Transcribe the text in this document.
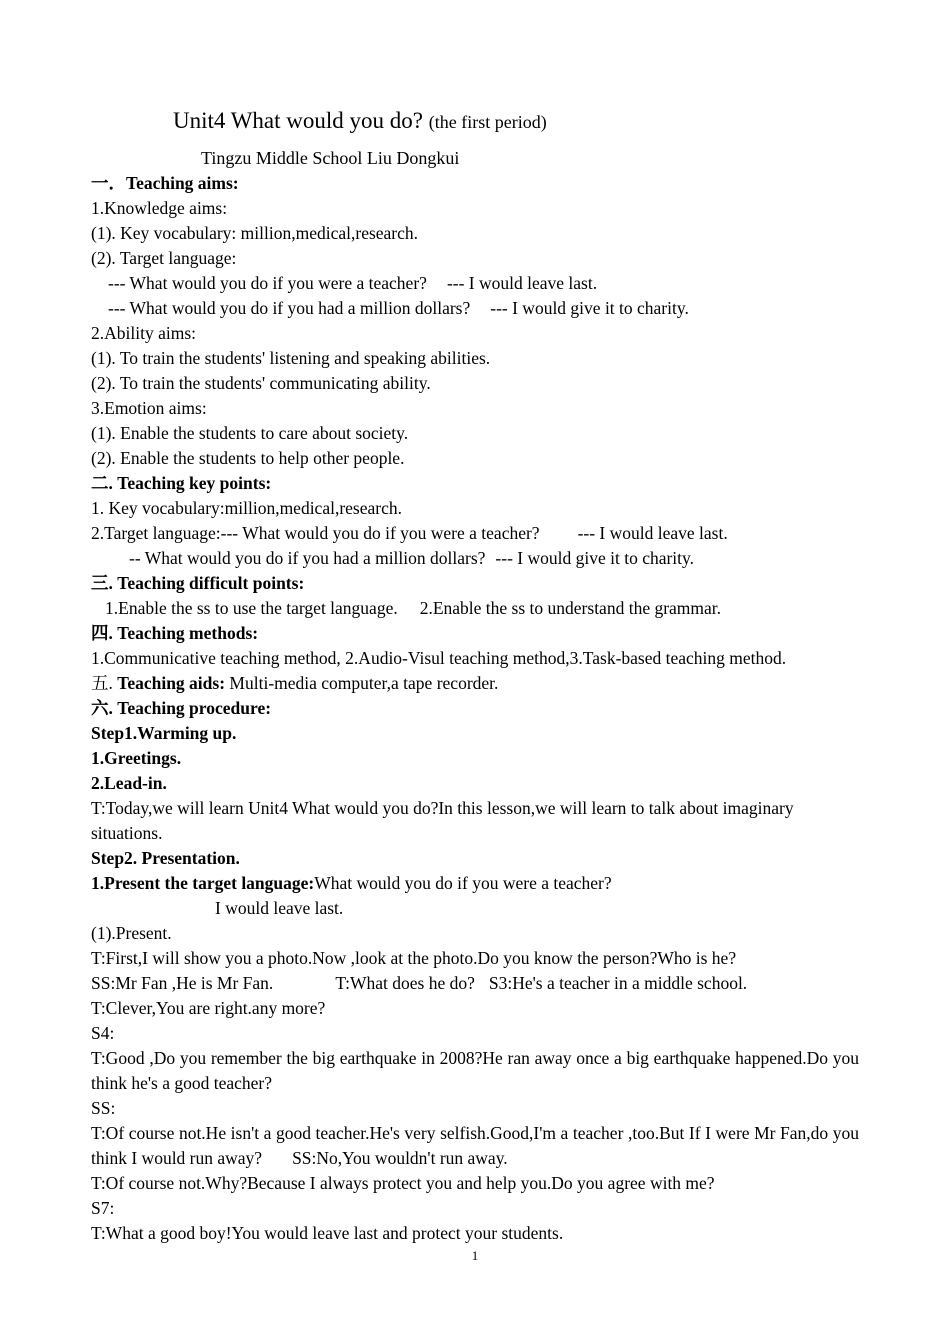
Unit4 What would you do? (the first period)
Tingzu Middle School Liu Dongkui
一．Teaching aims:
1.Knowledge aims:
(1). Key vocabulary: million,medical,research.
(2). Target language:
--- What would you do if you were a teacher? --- I would leave last.
--- What would you do if you had a million dollars? --- I would give it to charity.
2.Ability aims:
(1). To train the students' listening and speaking abilities.
(2). To train the students' communicating ability.
3.Emotion aims:
(1). Enable the students to care about society.
(2). Enable the students to help other people.
二. Teaching key points:
1. Key vocabulary:million,medical,research.
2.Target language:--- What would you do if you were a teacher? --- I would leave last.
-- What would you do if you had a million dollars? --- I would give it to charity.
三. Teaching difficult points:
1.Enable the ss to use the target language. 2.Enable the ss to understand the grammar.
四. Teaching methods:
1.Communicative teaching method, 2.Audio-Visul teaching method,3.Task-based teaching method.
五. Teaching aids: Multi-media computer,a tape recorder.
六. Teaching procedure:
Step1.Warming up.
1.Greetings.
2.Lead-in.
T:Today,we will learn Unit4 What would you do?In this lesson,we will learn to talk about imaginary situations.
Step2. Presentation.
1.Present the target language:What would you do if you were a teacher?
I would leave last.
(1).Present.
T:First,I will show you a photo.Now ,look at the photo.Do you know the person?Who is he?
SS:Mr Fan ,He is Mr Fan.	T:What does he do? S3:He's a teacher in a middle school.
T:Clever,You are right.any more?
S4:
T:Good ,Do you remember the big earthquake in 2008?He ran away once a big earthquake happened.Do you think he's a good teacher?
SS:
T:Of course not.He isn't a good teacher.He's very selfish.Good,I'm a teacher ,too.But If I were Mr Fan,do you think I would run away? SS:No,You wouldn't run away.
T:Of course not.Why?Because I always protect you and help you.Do you agree with me?
S7:
T:What a good boy!You would leave last and protect your students.
1
